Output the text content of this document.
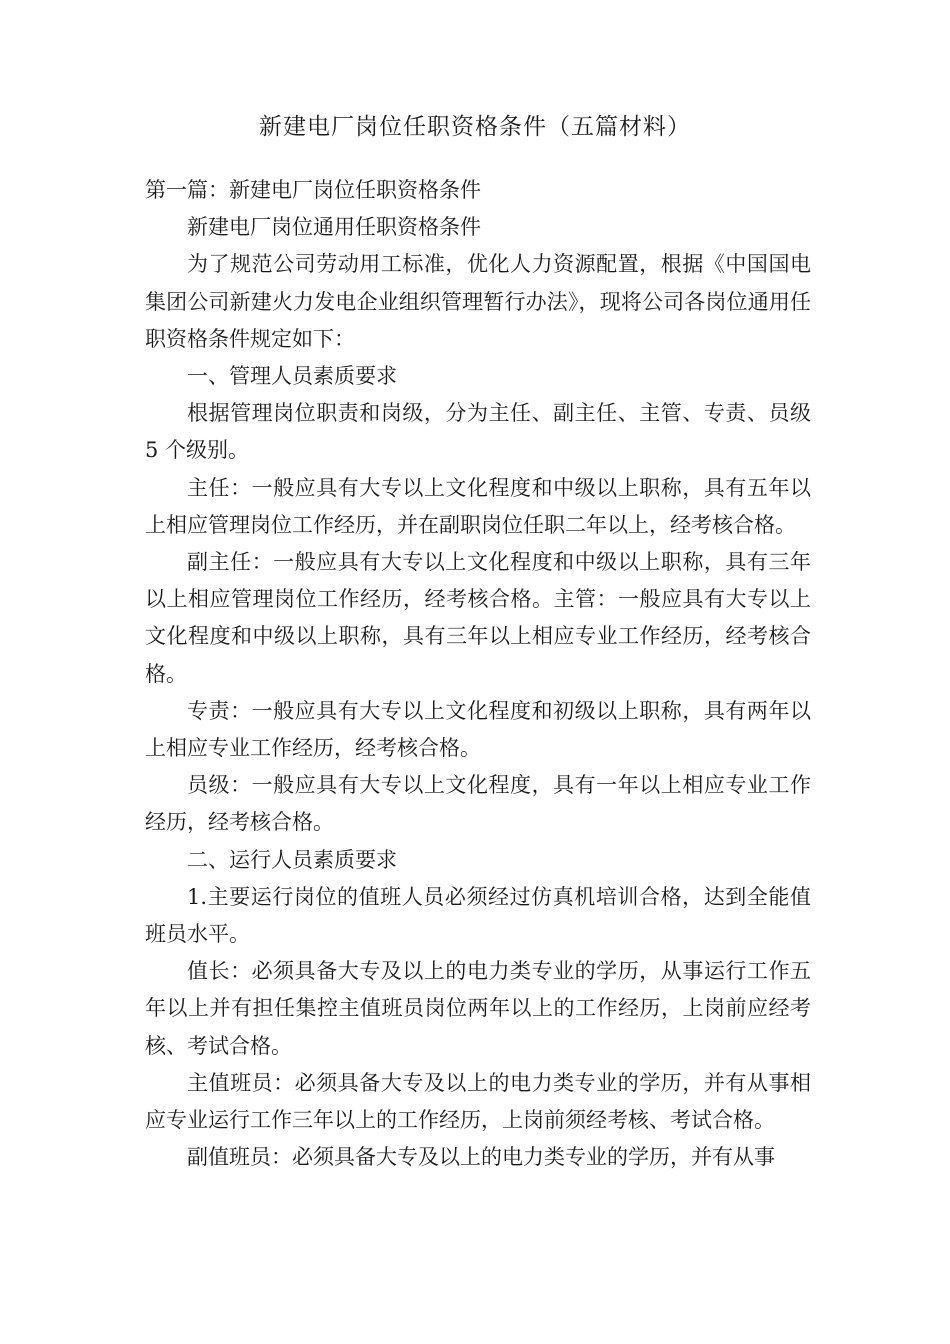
新建电厂岗位任职资格条件（五篇材料）

第一篇：新建电厂岗位任职资格条件

新建电厂岗位通用任职资格条件

为了规范公司劳动用工标准，优化人力资源配置，根据《中国国电集团公司新建火力发电企业组织管理暂行办法》，现将公司各岗位通用任职资格条件规定如下：

一、管理人员素质要求

根据管理岗位职责和岗级，分为主任、副主任、主管、专责、员级 5 个级别。

主任：一般应具有大专以上文化程度和中级以上职称，具有五年以上相应管理岗位工作经历，并在副职岗位任职二年以上，经考核合格。

副主任：一般应具有大专以上文化程度和中级以上职称，具有三年以上相应管理岗位工作经历，经考核合格。主管：一般应具有大专以上文化程度和中级以上职称，具有三年以上相应专业工作经历，经考核合格。

专责：一般应具有大专以上文化程度和初级以上职称，具有两年以上相应专业工作经历，经考核合格。

员级：一般应具有大专以上文化程度，具有一年以上相应专业工作经历，经考核合格。

二、运行人员素质要求

1.主要运行岗位的值班人员必须经过仿真机培训合格，达到全能值班员水平。

值长：必须具备大专及以上的电力类专业的学历，从事运行工作五年以上并有担任集控主值班员岗位两年以上的工作经历，上岗前应经考核、考试合格。

主值班员：必须具备大专及以上的电力类专业的学历，并有从事相应专业运行工作三年以上的工作经历，上岗前须经考核、考试合格。

副值班员：必须具备大专及以上的电力类专业的学历，并有从事
